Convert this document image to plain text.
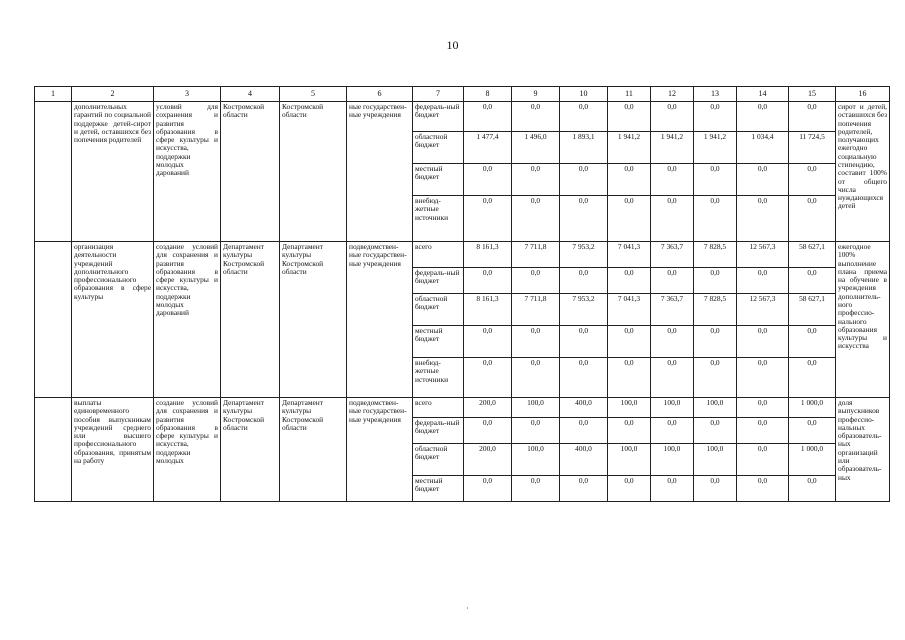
10
1	2	3	4	5	6	7	8	9	10	11	12	13	14	15	16
	дополнительных гарантий по социальной поддержке детей-сирот и детей, оставшихся без попечения родителей	условий для сохранения и развития образования в сфере культуры и искусства, поддержки молодых дарований	Костромской области	Костромской области	ные государствен-ные учреждения	федераль-ный бюджет	0,0	0,0	0,0	0,0	0,0	0,0	0,0	0,0	сирот и детей, оставшихся без попечения родителей, получающих ежегодно социальную стипендию, составит 100% от общего числа нуждающихся детей
						областной бюджет	1 477,4	1 496,0	1 893,1	1 941,2	1 941,2	1 941,2	1 034,4	11 724,5	
						местный бюджет	0,0	0,0	0,0	0,0	0,0	0,0	0,0	0,0	
						внебюд-жетные источники	0,0	0,0	0,0	0,0	0,0	0,0	0,0	0,0	
	организация деятельности учреждений дополнительного профессионального образования в сфере культуры	создание условий для сохранения и развития образования в сфере культуры и искусства, поддержки молодых дарований	Департамент культуры Костромской области	Департамент культуры Костромской области	подведомствен-ные государствен-ные учреждения	всего	8 161,3	7 711,8	7 953,2	7 041,3	7 363,7	7 828,5	12 567,3	58 627,1	ежегодное 100% выполнение плана приема на обучение в учреждения дополнитель-ного профессио-нального образования культуры и искусства
						федераль-ный бюджет	0,0	0,0	0,0	0,0	0,0	0,0	0,0	0,0	
						областной бюджет	8 161,3	7 711,8	7 953,2	7 041,3	7 363,7	7 828,5	12 567,3	58 627,1	
						местный бюджет	0,0	0,0	0,0	0,0	0,0	0,0	0,0	0,0	
						внебюд-жетные источники	0,0	0,0	0,0	0,0	0,0	0,0	0,0	0,0	
	выплаты единовременного пособия выпускникам учреждений среднего или высшего профессионального образования, принятым на работу	создание условий для сохранения и развития образования в сфере культуры и искусства, поддержки молодых	Департамент культуры Костромской области	Департамент культуры Костромской области	подведомствен-ные государствен-ные учреждения	всего	200,0	100,0	400,0	100,0	100,0	100,0	0,0	1 000,0	доля выпускников профессио-нальных образователь-ных организаций или образователь-ных
						федераль-ный бюджет	0,0	0,0	0,0	0,0	0,0	0,0	0,0	0,0	
						областной бюджет	200,0	100,0	400,0	100,0	100,0	100,0	0,0	1 000,0	
						местный бюджет	0,0	0,0	0,0	0,0	0,0	0,0	0,0	0,0	
·
